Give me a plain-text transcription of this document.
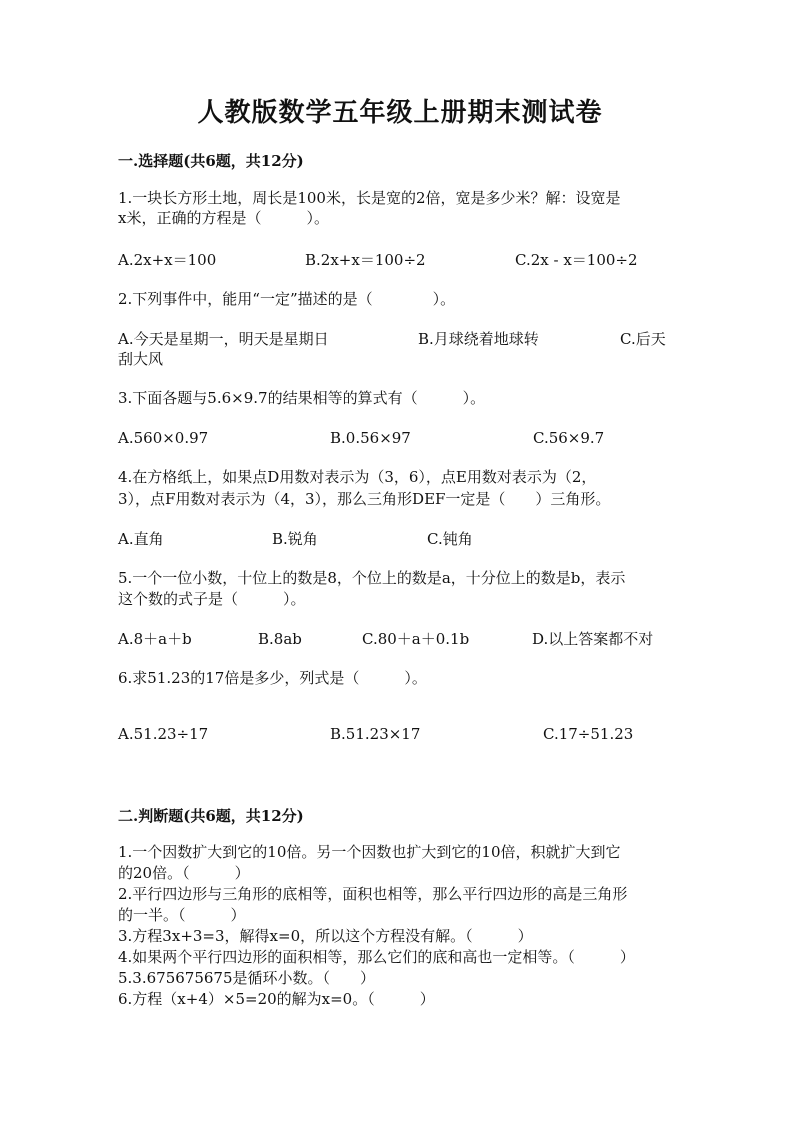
人教版数学五年级上册期末测试卷
一.选择题(共6题，共12分)
1.一块长方形土地，周长是100米，长是宽的2倍，宽是多少米？解：设宽是
x米，正确的方程是（　　　）。
A.2x+x＝100	B.2x+x＝100÷2	C.2x - x＝100÷2
2.下列事件中，能用“一定”描述的是（　　　　）。
A.今天是星期一，明天是星期日	B.月球绕着地球转	C.后天
刮大风
3.下面各题与5.6×9.7的结果相等的算式有（　　　）。
A.560×0.97	B.0.56×97	C.56×9.7
4.在方格纸上，如果点D用数对表示为（3，6），点E用数对表示为（2，
3），点F用数对表示为（4，3），那么三角形DEF一定是（　　）三角形。
A.直角	B.锐角	C.钝角
5.一个一位小数，十位上的数是8，个位上的数是a，十分位上的数是b，表示
这个数的式子是（　　　）。
A.8＋a＋b	B.8ab	C.80＋a＋0.1b	D.以上答案都不对
6.求51.23的17倍是多少，列式是（　　　）。
A.51.23÷17	B.51.23×17	C.17÷51.23
二.判断题(共6题，共12分)
1.一个因数扩大到它的10倍。另一个因数也扩大到它的10倍，积就扩大到它
的20倍。（　　　）
2.平行四边形与三角形的底相等，面积也相等，那么平行四边形的高是三角形
的一半。（　　　）
3.方程3x+3=3，解得x=0，所以这个方程没有解。（　　　）
4.如果两个平行四边形的面积相等，那么它们的底和高也一定相等。（　　　）
5.3.675675675是循环小数。（　　）
6.方程（x+4）×5=20的解为x=0。（　　　）
